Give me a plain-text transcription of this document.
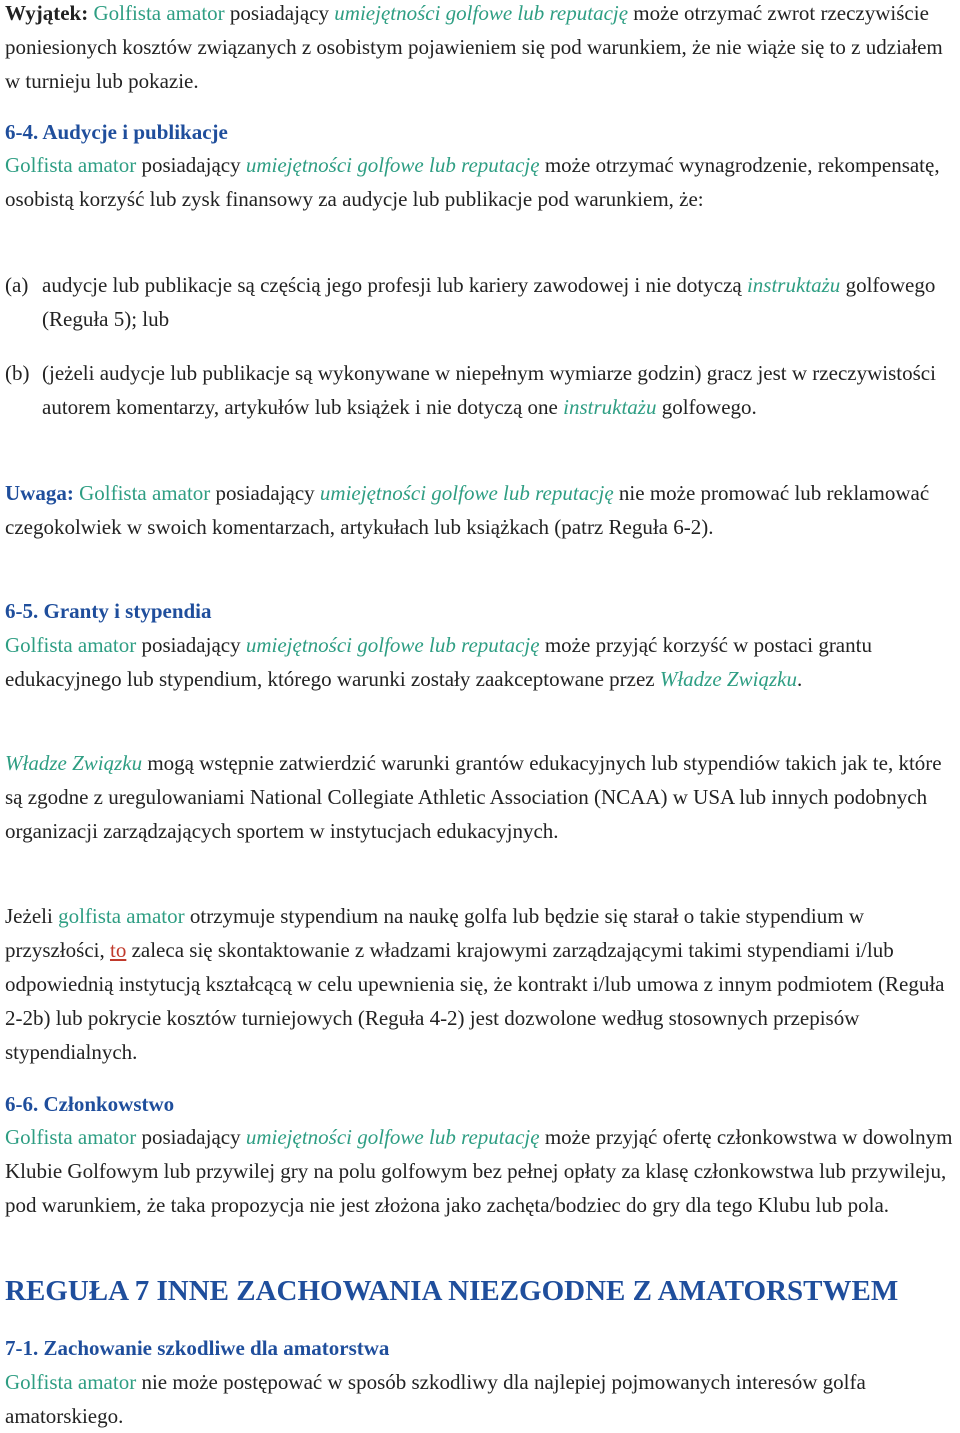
Wyjątek: Golfista amator posiadający umiejętności golfowe lub reputację może otrzymać zwrot rzeczywiście poniesionych kosztów związanych z osobistym pojawieniem się pod warunkiem, że nie wiąże się to z udziałem w turnieju lub pokazie.

6-4. Audycje i publikacje

Golfista amator posiadający umiejętności golfowe lub reputację może otrzymać wynagrodzenie, rekompensatę, osobistą korzyść lub zysk finansowy za audycje lub publikacje pod warunkiem, że:

(a) audycje lub publikacje są częścią jego profesji lub kariery zawodowej i nie dotyczą instruktażu golfowego (Reguła 5); lub

(b) (jeżeli audycje lub publikacje są wykonywane w niepełnym wymiarze godzin) gracz jest w rzeczywistości autorem komentarzy, artykułów lub książek i nie dotyczą one instruktażu golfowego.

Uwaga: Golfista amator posiadający umiejętności golfowe lub reputację nie może promować lub reklamować czegokolwiek w swoich komentarzach, artykułach lub książkach (patrz Reguła 6-2).

6-5. Granty i stypendia

Golfista amator posiadający umiejętności golfowe lub reputację może przyjąć korzyść w postaci grantu edukacyjnego lub stypendium, którego warunki zostały zaakceptowane przez Władze Związku.

Władze Związku mogą wstępnie zatwierdzić warunki grantów edukacyjnych lub stypendiów takich jak te, które są zgodne z uregulowaniami National Collegiate Athletic Association (NCAA) w USA lub innych podobnych organizacji zarządzających sportem w instytucjach edukacyjnych.

Jeżeli golfista amator otrzymuje stypendium na naukę golfa lub będzie się starał o takie stypendium w przyszłości, to zaleca się skontaktowanie z władzami krajowymi zarządzającymi takimi stypendiami i/lub odpowiednią instytucją kształcącą w celu upewnienia się, że kontrakt i/lub umowa z innym podmiotem (Reguła 2-2b) lub pokrycie kosztów turniejowych (Reguła 4-2) jest dozwolone według stosownych przepisów stypendialnych.

6-6. Członkowstwo

Golfista amator posiadający umiejętności golfowe lub reputację może przyjąć ofertę członkowstwa w dowolnym Klubie Golfowym lub przywilej gry na polu golfowym bez pełnej opłaty za klasę członkowstwa lub przywileju, pod warunkiem, że taka propozycja nie jest złożona jako zachęta/bodziec do gry dla tego Klubu lub pola.

REGUŁA 7 INNE ZACHOWANIA NIEZGODNE Z AMATORSTWEM

7-1. Zachowanie szkodliwe dla amatorstwa

Golfista amator nie może postępować w sposób szkodliwy dla najlepiej pojmowanych interesów golfa amatorskiego.
